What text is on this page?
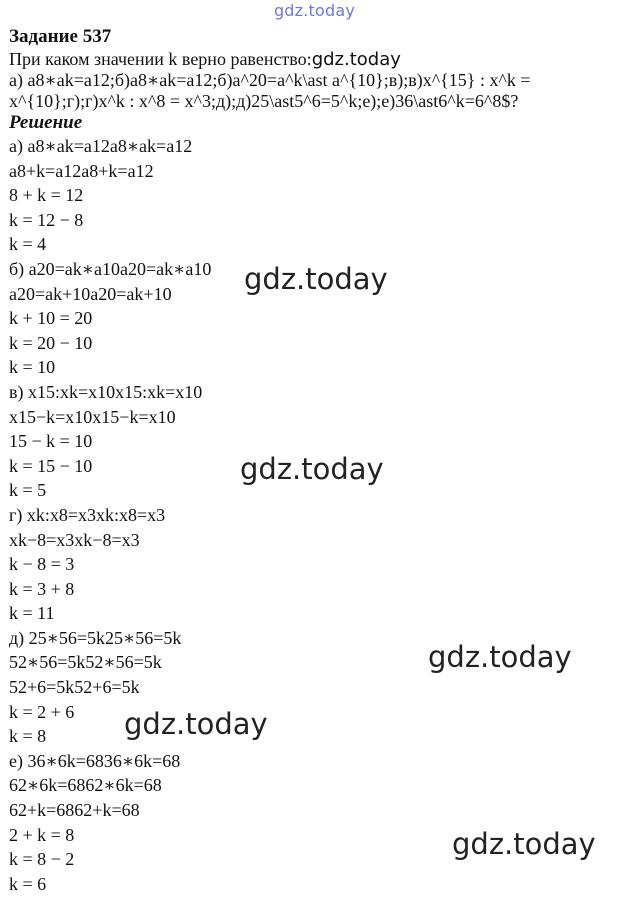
gdz.today
Задание 537
При каком значении k верно равенство:gdz.today
а) a8∗ak=a12;б)a8∗ak=a12;б)a^20=a^k\ast a^{10};в);в)x^{15} : x^k = x^{10};г);г)x^k : x^8 = x^3;д);д)25\ast5^6=5^k;е);е)36\ast6^k=6^8$?
Решение
а) a8∗ak=a12a8∗ak=a12
a8+k=a12a8+k=a12
8 + k = 12
k = 12 − 8
k = 4
б) a20=ak∗a10a20=ak∗a10
a20=ak+10a20=ak+10
k + 10 = 20
k = 20 − 10
k = 10
в) x15:xk=x10x15:xk=x10
x15−k=x10x15−k=x10
15 − k = 10
k = 15 − 10
k = 5
г) xk:x8=x3xk:x8=x3
xk−8=x3xk−8=x3
k − 8 = 3
k = 3 + 8
k = 11
д) 25∗56=5k25∗56=5k
52∗56=5k52∗56=5k
52+6=5k52+6=5k
k = 2 + 6
k = 8
е) 36∗6k=6836∗6k=68
62∗6k=6862∗6k=68
62+k=6862+k=68
2 + k = 8
k = 8 − 2
k = 6
gdz.today
gdz.today
gdz.today
gdz.today
gdz.today
